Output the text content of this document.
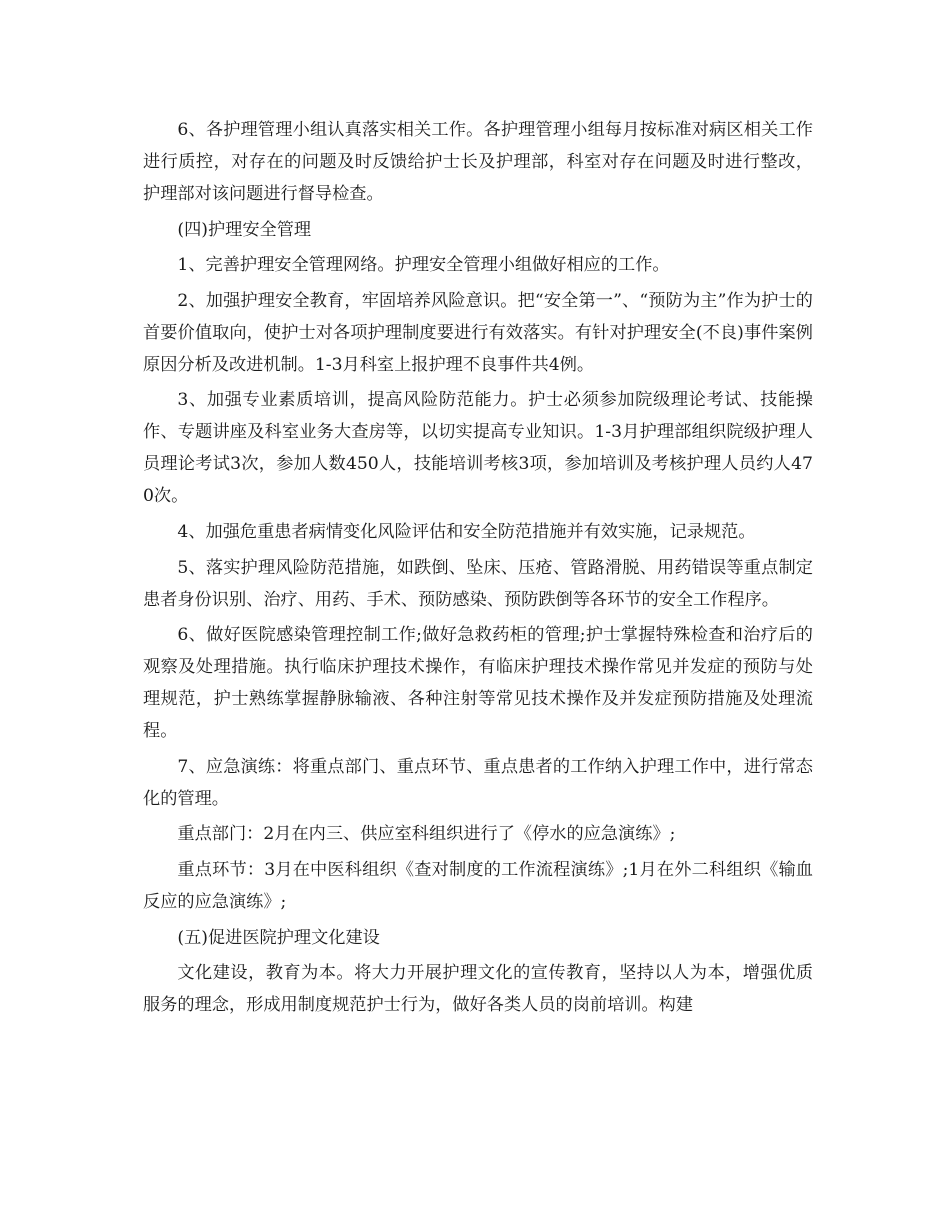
6、各护理管理小组认真落实相关工作。各护理管理小组每月按标准对病区相关工作进行质控，对存在的问题及时反馈给护士长及护理部，科室对存在问题及时进行整改，护理部对该问题进行督导检查。

(四)护理安全管理

1、完善护理安全管理网络。护理安全管理小组做好相应的工作。

2、加强护理安全教育，牢固培养风险意识。把“安全第一”、“预防为主”作为护士的首要价值取向，使护士对各项护理制度要进行有效落实。有针对护理安全(不良)事件案例原因分析及改进机制。1-3月科室上报护理不良事件共4例。

3、加强专业素质培训，提高风险防范能力。护士必须参加院级理论考试、技能操作、专题讲座及科室业务大查房等，以切实提高专业知识。1-3月护理部组织院级护理人员理论考试3次，参加人数450人，技能培训考核3项，参加培训及考核护理人员约人470次。

4、加强危重患者病情变化风险评估和安全防范措施并有效实施，记录规范。

5、落实护理风险防范措施，如跌倒、坠床、压疮、管路滑脱、用药错误等重点制定患者身份识别、治疗、用药、手术、预防感染、预防跌倒等各环节的安全工作程序。

6、做好医院感染管理控制工作;做好急救药柜的管理;护士掌握特殊检查和治疗后的观察及处理措施。执行临床护理技术操作，有临床护理技术操作常见并发症的预防与处理规范，护士熟练掌握静脉输液、各种注射等常见技术操作及并发症预防措施及处理流程。

7、应急演练：将重点部门、重点环节、重点患者的工作纳入护理工作中，进行常态化的管理。

重点部门：2月在内三、供应室科组织进行了《停水的应急演练》;

重点环节：3月在中医科组织《查对制度的工作流程演练》;1月在外二科组织《输血反应的应急演练》;

(五)促进医院护理文化建设

文化建设，教育为本。将大力开展护理文化的宣传教育，坚持以人为本，增强优质服务的理念，形成用制度规范护士行为，做好各类人员的岗前培训。构建
